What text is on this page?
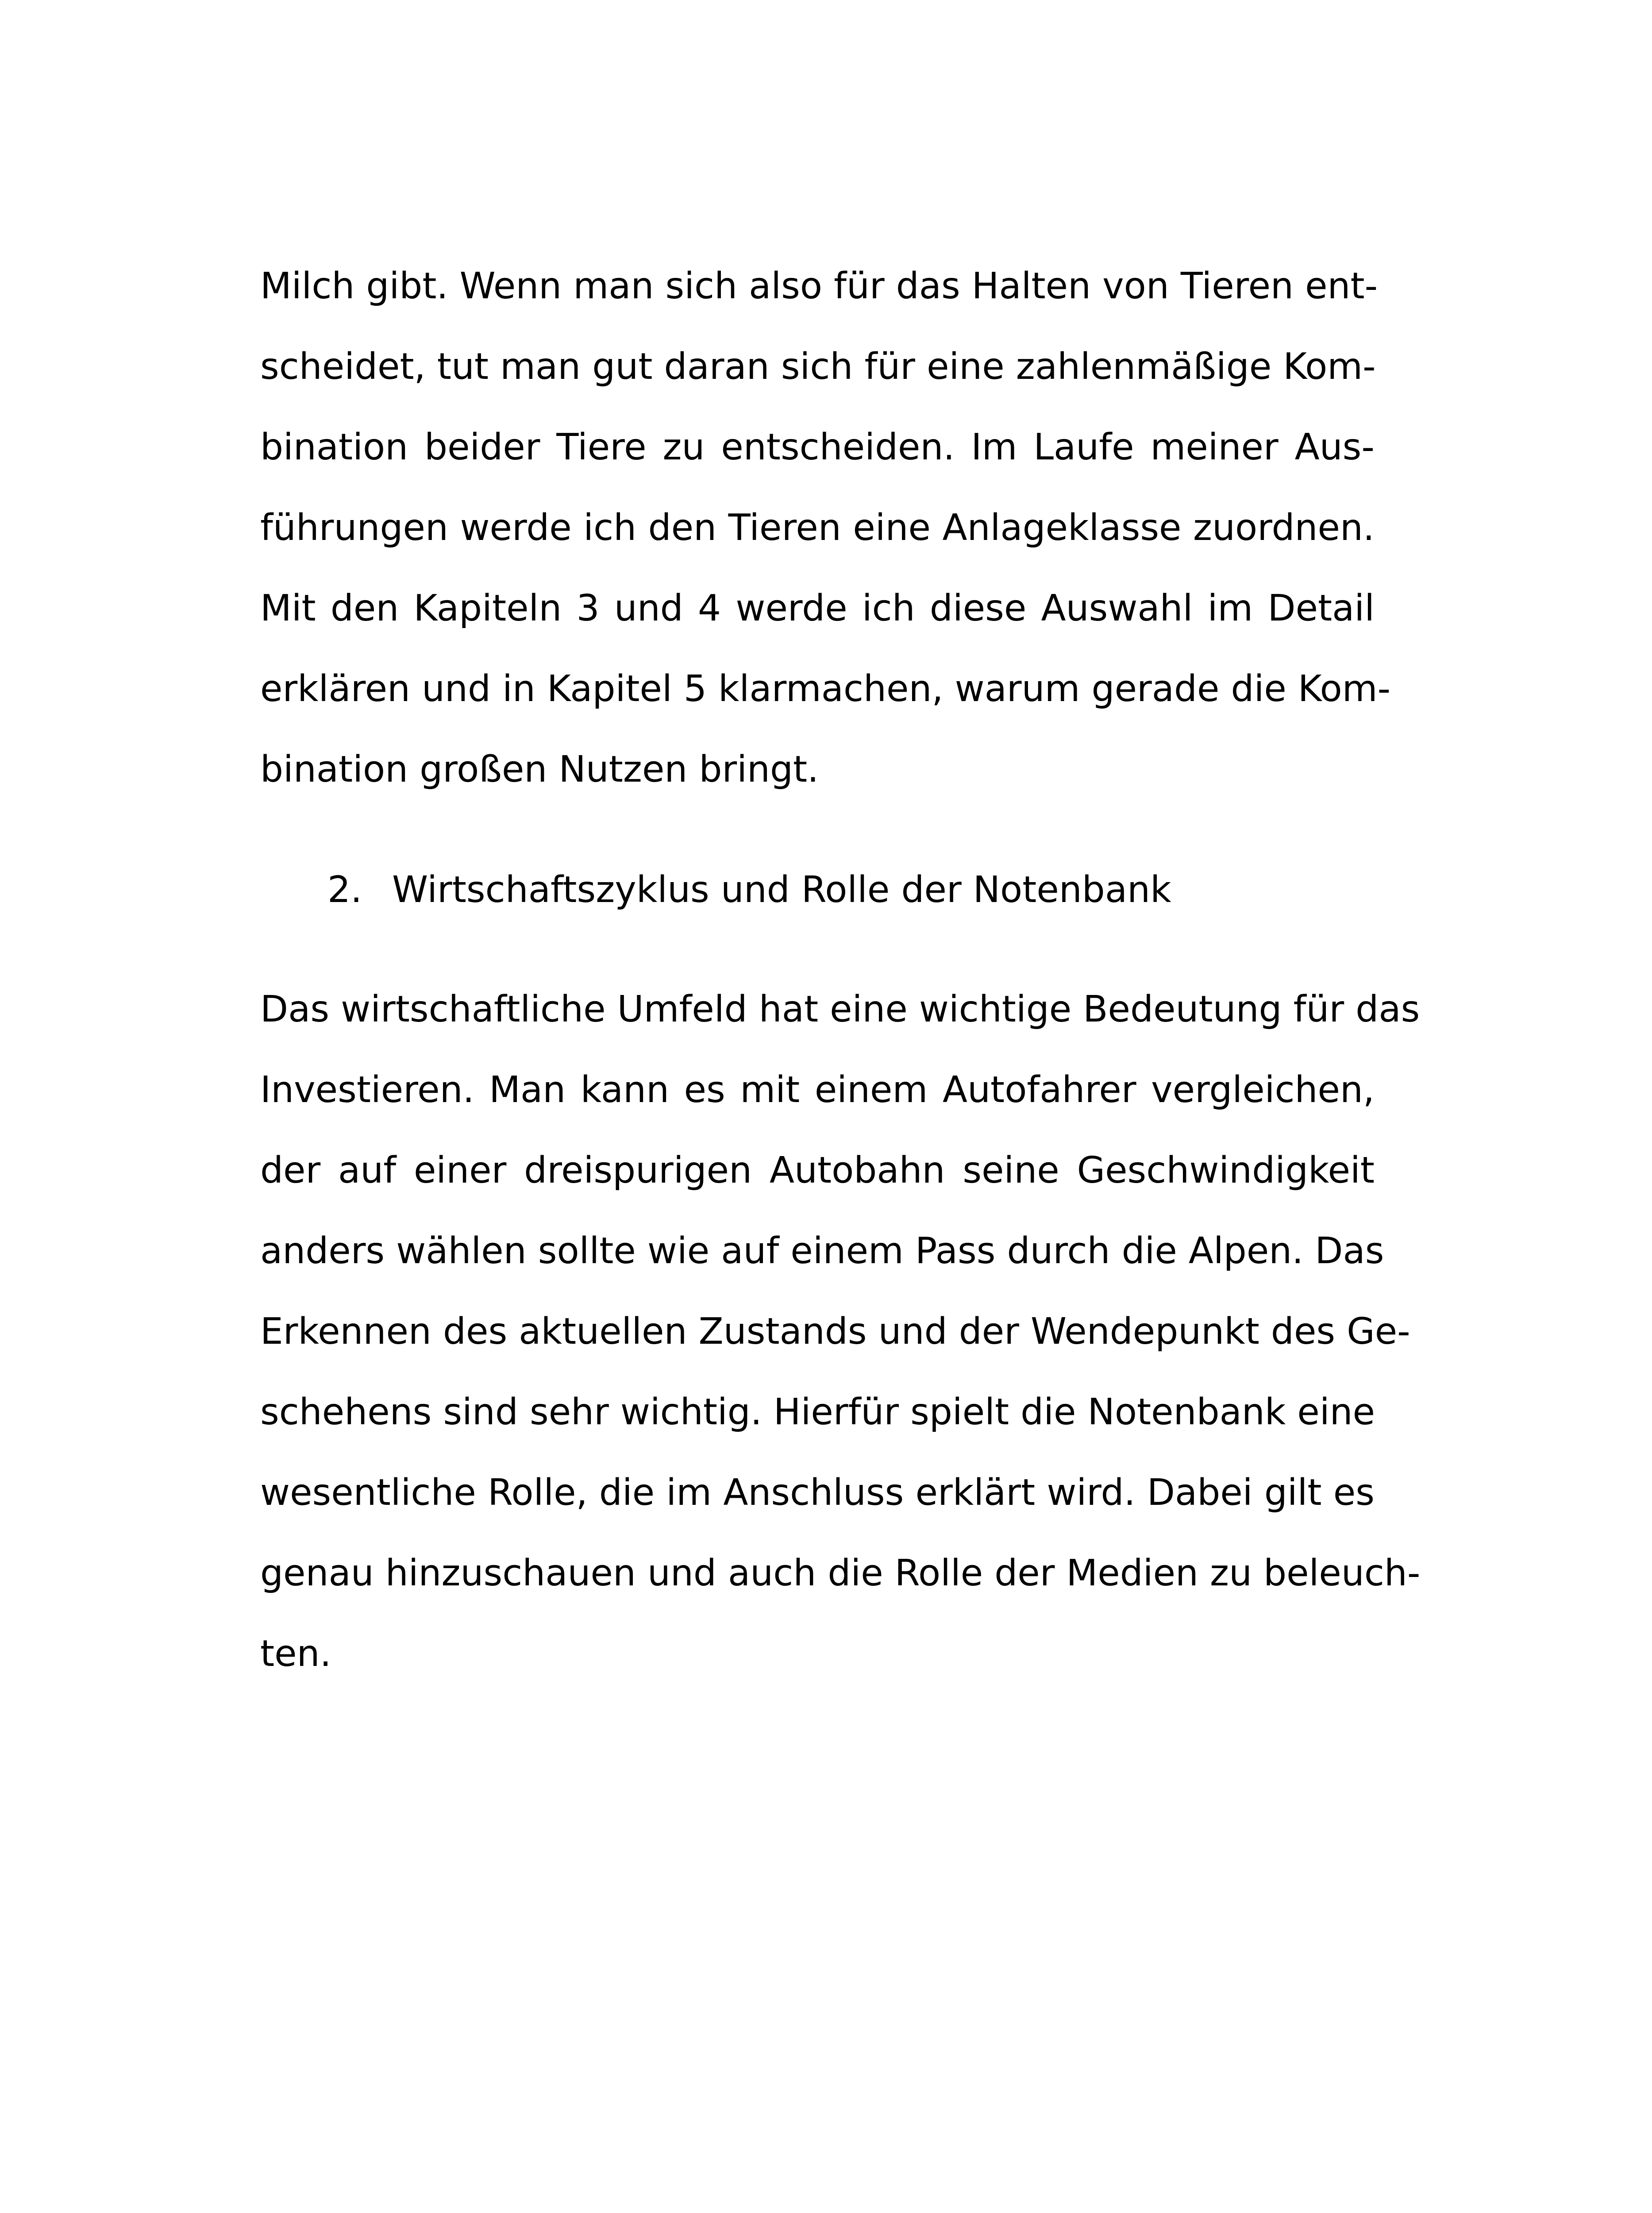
Milch gibt. Wenn man sich also für das Halten von Tieren ent-

scheidet, tut man gut daran sich für eine zahlenmäßige Kom-

bination beider Tiere zu entscheiden. Im Laufe meiner Aus-

führungen werde ich den Tieren eine Anlageklasse zuordnen.

Mit den Kapiteln 3 und 4 werde ich diese Auswahl im Detail

erklären und in Kapitel 5 klarmachen, warum gerade die Kom-

bination großen Nutzen bringt.

2. Wirtschaftszyklus und Rolle der Notenbank

Das wirtschaftliche Umfeld hat eine wichtige Bedeutung für das

Investieren. Man kann es mit einem Autofahrer vergleichen,

der auf einer dreispurigen Autobahn seine Geschwindigkeit

anders wählen sollte wie auf einem Pass durch die Alpen. Das

Erkennen des aktuellen Zustands und der Wendepunkt des Ge-

schehens sind sehr wichtig. Hierfür spielt die Notenbank eine

wesentliche Rolle, die im Anschluss erklärt wird. Dabei gilt es

genau hinzuschauen und auch die Rolle der Medien zu beleuch-

ten.
